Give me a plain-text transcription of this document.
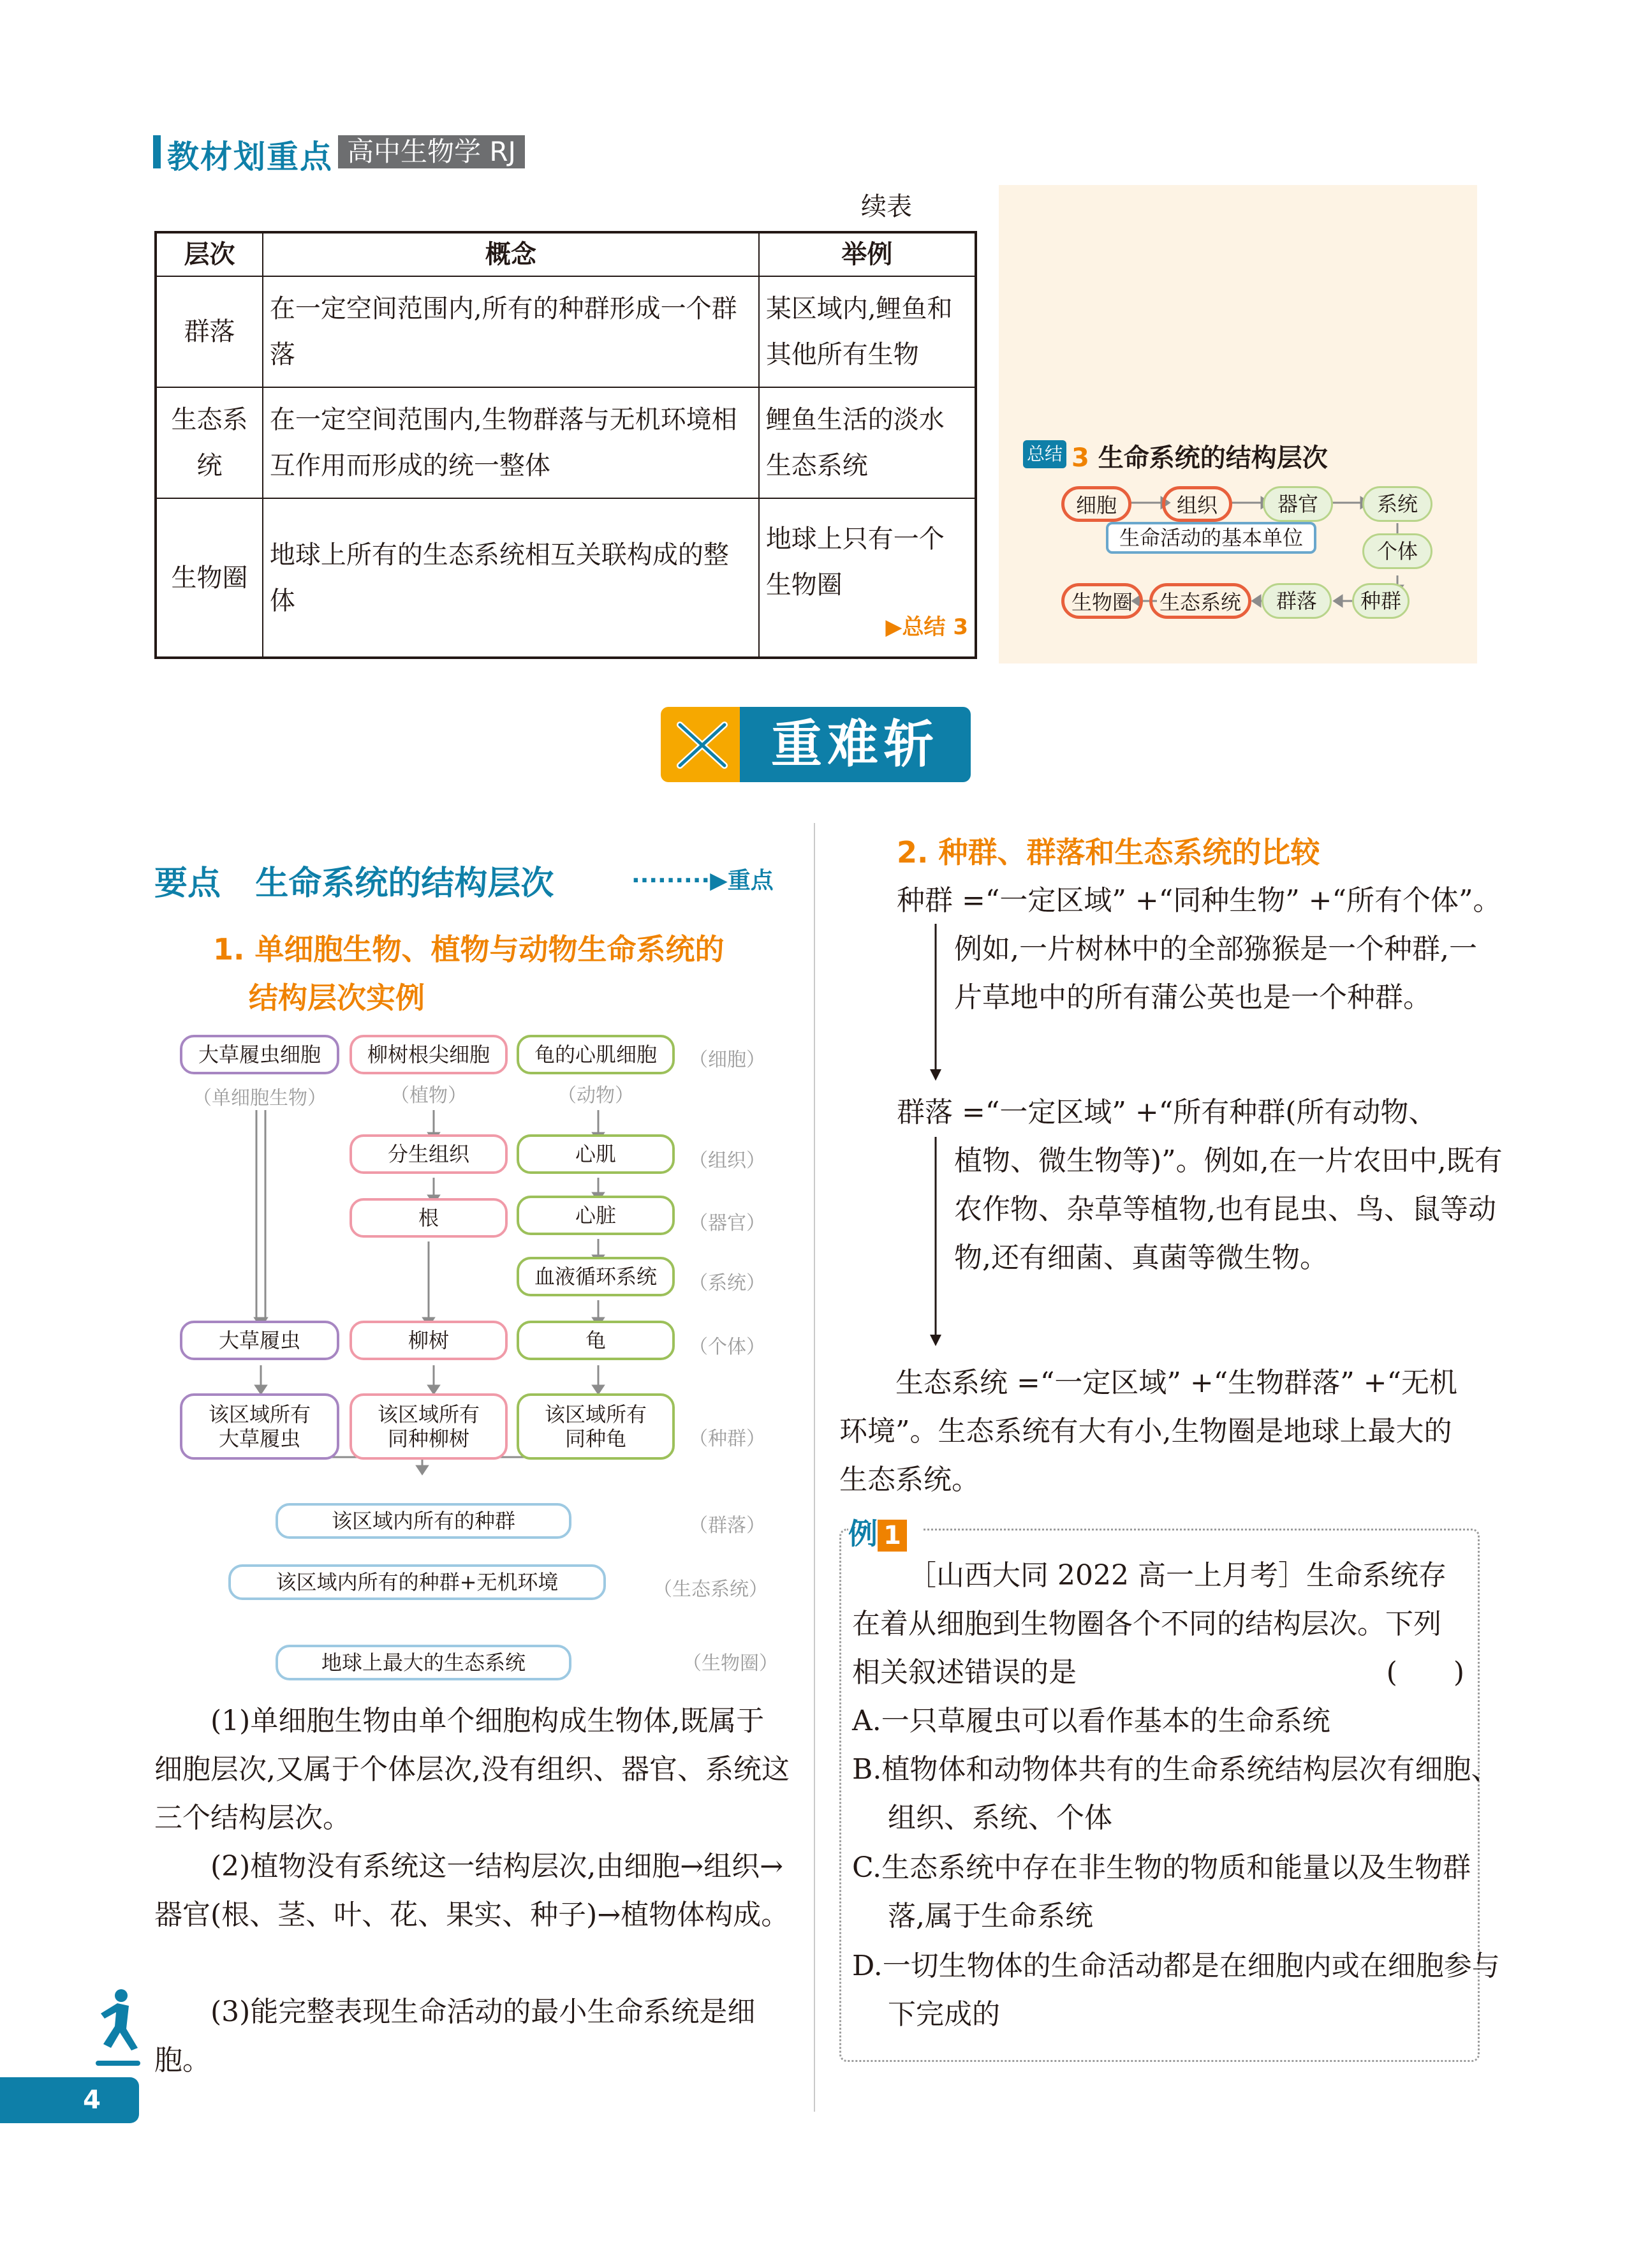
教材划重点 高中生物学 RJ
续表
层次	概念	举例
群落	在一定空间范围内,所有的种群形成一个群落	某区域内,鲤鱼和其他所有生物
生态系统	在一定空间范围内,生物群落与无机环境相互作用而形成的统一整体	鲤鱼生活的淡水生态系统
生物圈	地球上所有的生态系统相互关联构成的整体	地球上只有一个生物圈
▶总结 3
总结 3 生命系统的结构层次
细胞	组织	器官	系统
生命活动的基本单位
个体
种群
群落
生态系统
生物圈
重难斩
要点 生命系统的结构层次	·········▶重点
1. 单细胞生物、植物与动物生命系统的
结构层次实例
大草履虫细胞	柳树根尖细胞	龟的心肌细胞	（细胞）
（单细胞生物）	（植物）	（动物）
分生组织	心肌	（组织）
根	心脏	（器官）
血液循环系统	（系统）
大草履虫	柳树	龟	（个体）
该区域所有大草履虫
该区域所有同种柳树
该区域所有同种龟	（种群）
该区域内所有的种群	（群落）
该区域内所有的种群+无机环境	（生态系统）
地球上最大的生态系统	（生物圈）
(1)单细胞生物由单个细胞构成生物体,既属于细胞层次,又属于个体层次,没有组织、器官、系统这三个结构层次。
(2)植物没有系统这一结构层次,由细胞→组织→器官(根、茎、叶、花、果实、种子)→植物体构成。
(3)能完整表现生命活动的最小生命系统是细胞。
2. 种群、群落和生态系统的比较
种群 =“一定区域” +“同种生物” +“所有个体”。
例如,一片树林中的全部猕猴是一个种群,一片草地中的所有蒲公英也是一个种群。
群落 =“一定区域” +“所有种群(所有动物、
植物、微生物等)”。例如,在一片农田中,既有农作物、杂草等植物,也有昆虫、鸟、鼠等动物,还有细菌、真菌等微生物。
生态系统 =“一定区域” +“生物群落” +“无机环境”。生态系统有大有小,生物圈是地球上最大的生态系统。
例 1
［山西大同 2022 高一上月考］生命系统存在着从细胞到生物圈各个不同的结构层次。下列相关叙述错误的是	(　　)
A.一只草履虫可以看作基本的生命系统
B.植物体和动物体共有的生命系统结构层次有细胞、组织、系统、个体
C.生态系统中存在非生物的物质和能量以及生物群落,属于生命系统
D.一切生物体的生命活动都是在细胞内或在细胞参与下完成的
4
